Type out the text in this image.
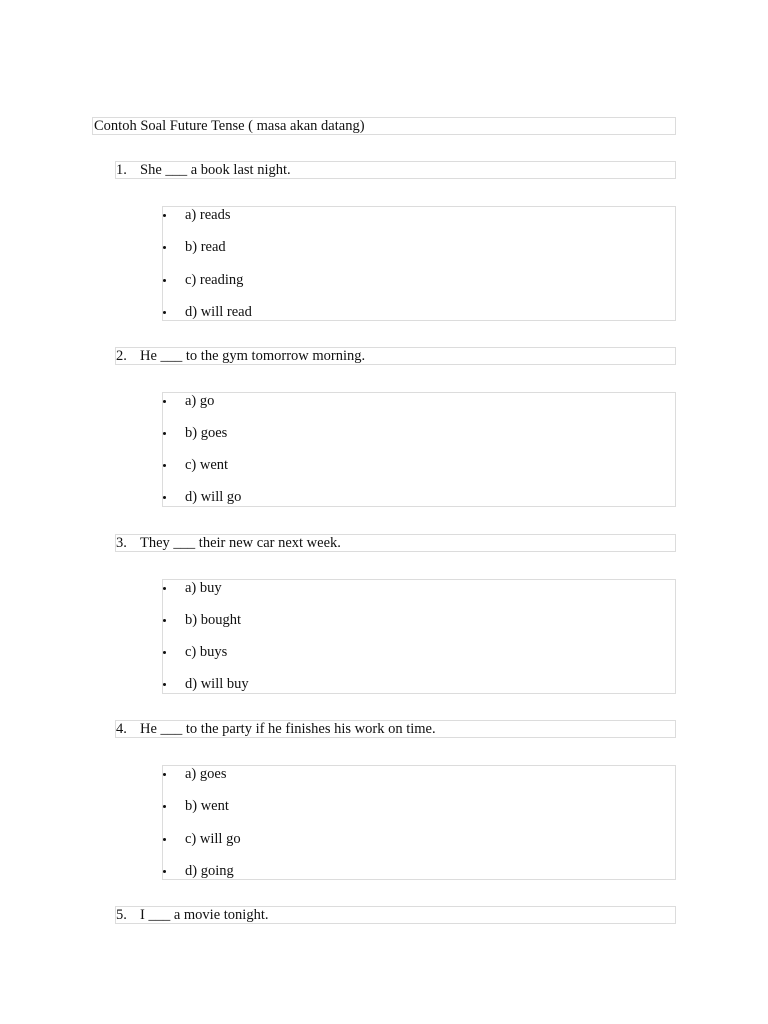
Contoh Soal Future Tense ( masa akan datang)
1. She ___ a book last night.
a) reads
b) read
c) reading
d) will read
2. He ___ to the gym tomorrow morning.
a) go
b) goes
c) went
d) will go
3. They ___ their new car next week.
a) buy
b) bought
c) buys
d) will buy
4. He ___ to the party if he finishes his work on time.
a) goes
b) went
c) will go
d) going
5. I ___ a movie tonight.
